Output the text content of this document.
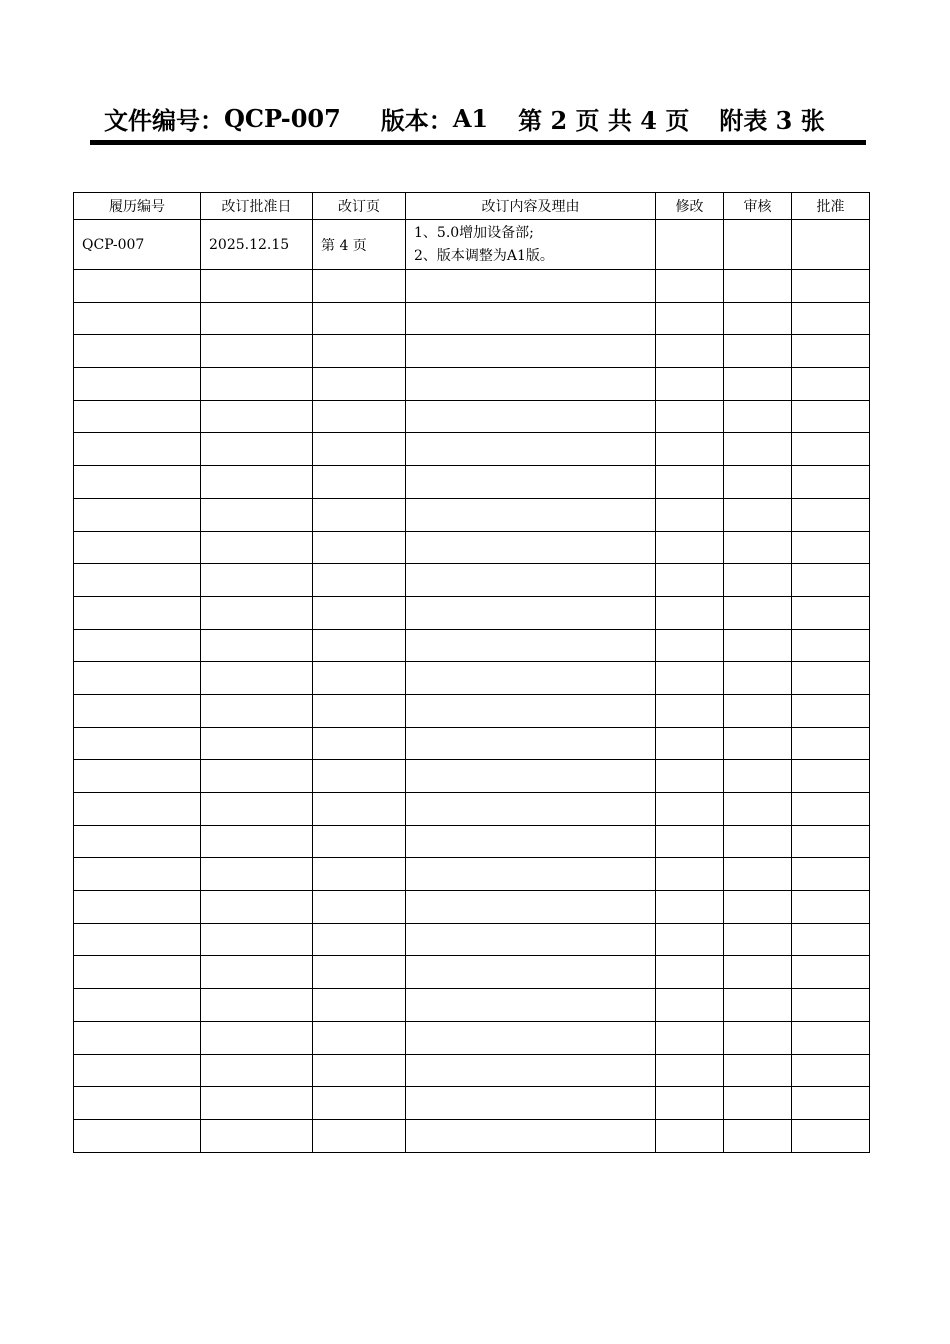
文件编号： QCP-007 版本： A1 第 2 页 共 4 页 附表 3 张
履历编号	改订批准日	改订页	改订内容及理由	修改	审核	批准
QCP-007	2025.12.15	第 4 页	1、5.0增加设备部;
2、版本调整为A1版。			
